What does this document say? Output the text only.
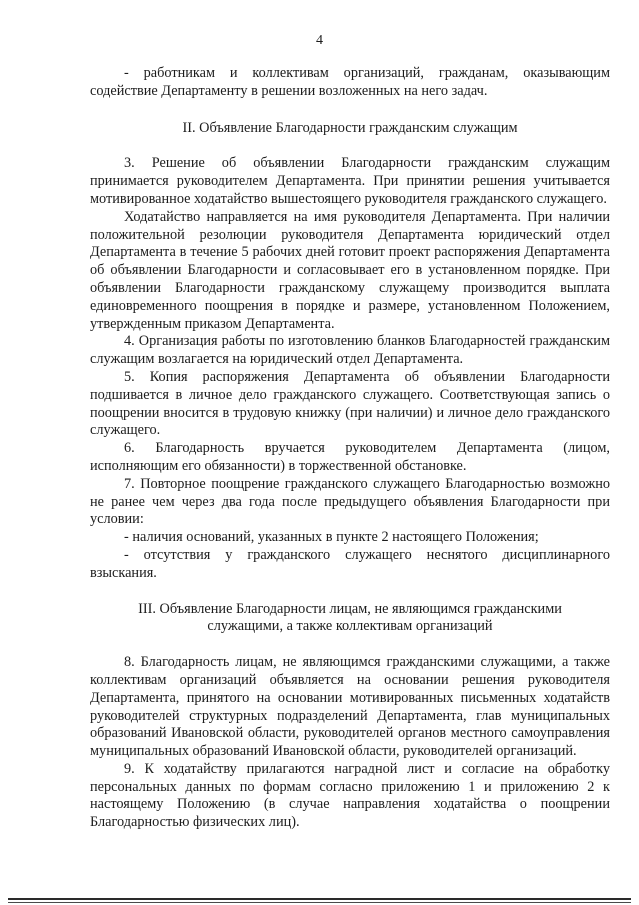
4

- работникам и коллективам организаций, гражданам, оказывающим содействие Департаменту в решении возложенных на него задач.

II. Объявление Благодарности гражданским служащим

3. Решение об объявлении Благодарности гражданским служащим принимается руководителем Департамента. При принятии решения учитывается мотивированное ходатайство вышестоящего руководителя гражданского служащего.

Ходатайство направляется на имя руководителя Департамента. При наличии положительной резолюции руководителя Департамента юридический отдел Департамента в течение 5 рабочих дней готовит проект распоряжения Департамента об объявлении Благодарности и согласовывает его в установленном порядке. При объявлении Благодарности гражданскому служащему производится выплата единовременного поощрения в порядке и размере, установленном Положением, утвержденным приказом Департамента.

4. Организация работы по изготовлению бланков Благодарностей гражданским служащим возлагается на юридический отдел Департамента.

5. Копия распоряжения Департамента об объявлении Благодарности подшивается в личное дело гражданского служащего. Соответствующая запись о поощрении вносится в трудовую книжку (при наличии) и личное дело гражданского служащего.

6. Благодарность вручается руководителем Департамента (лицом, исполняющим его обязанности) в торжественной обстановке.

7. Повторное поощрение гражданского служащего Благодарностью возможно не ранее чем через два года после предыдущего объявления Благодарности при условии:

- наличия оснований, указанных в пункте 2 настоящего Положения;

- отсутствия у гражданского служащего неснятого дисциплинарного взыскания.

III. Объявление Благодарности лицам, не являющимся гражданскими

служащими, а также коллективам организаций

8. Благодарность лицам, не являющимся гражданскими служащими, а также коллективам организаций объявляется на основании решения руководителя Департамента, принятого на основании мотивированных письменных ходатайств руководителей структурных подразделений Департамента, глав муниципальных образований Ивановской области, руководителей органов местного самоуправления муниципальных образований Ивановской области, руководителей организаций.

9. К ходатайству прилагаются наградной лист и согласие на обработку персональных данных по формам согласно приложению 1 и приложению 2 к настоящему Положению (в случае направления ходатайства о поощрении Благодарностью физических лиц).
